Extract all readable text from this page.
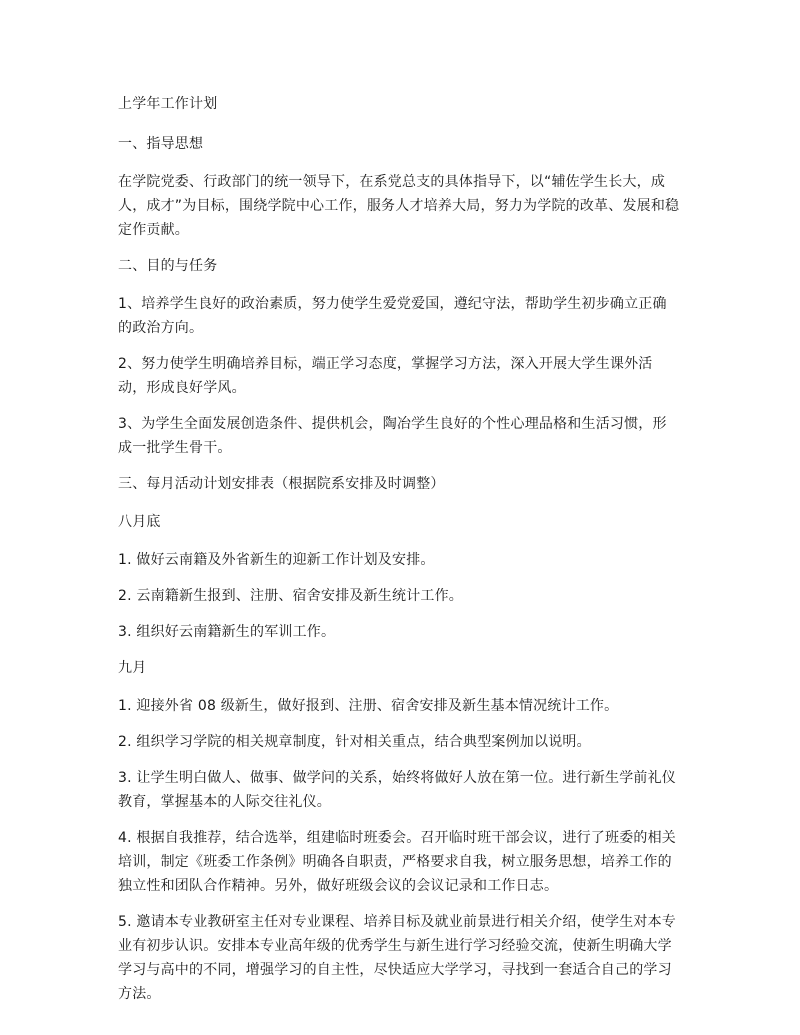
上学年工作计划

一、指导思想

在学院党委、行政部门的统一领导下，在系党总支的具体指导下，以“辅佐学生长大，成人，成才”为目标，围绕学院中心工作，服务人才培养大局，努力为学院的改革、发展和稳定作贡献。

二、目的与任务

1、培养学生良好的政治素质，努力使学生爱党爱国，遵纪守法，帮助学生初步确立正确的政治方向。

2、努力使学生明确培养目标，端正学习态度，掌握学习方法，深入开展大学生课外活动，形成良好学风。

3、为学生全面发展创造条件、提供机会，陶冶学生良好的个性心理品格和生活习惯，形成一批学生骨干。

三、每月活动计划安排表（根据院系安排及时调整）

八月底

1. 做好云南籍及外省新生的迎新工作计划及安排。

2. 云南籍新生报到、注册、宿舍安排及新生统计工作。

3. 组织好云南籍新生的军训工作。

九月

1. 迎接外省 08 级新生，做好报到、注册、宿舍安排及新生基本情况统计工作。

2. 组织学习学院的相关规章制度，针对相关重点，结合典型案例加以说明。

3. 让学生明白做人、做事、做学问的关系，始终将做好人放在第一位。进行新生学前礼仪教育，掌握基本的人际交往礼仪。

4. 根据自我推荐，结合选举，组建临时班委会。召开临时班干部会议，进行了班委的相关培训，制定《班委工作条例》明确各自职责，严格要求自我，树立服务思想，培养工作的独立性和团队合作精神。另外，做好班级会议的会议记录和工作日志。

5. 邀请本专业教研室主任对专业课程、培养目标及就业前景进行相关介绍，使学生对本专业有初步认识。安排本专业高年级的优秀学生与新生进行学习经验交流，使新生明确大学学习与高中的不同，增强学习的自主性，尽快适应大学学习，寻找到一套适合自己的学习方法。
